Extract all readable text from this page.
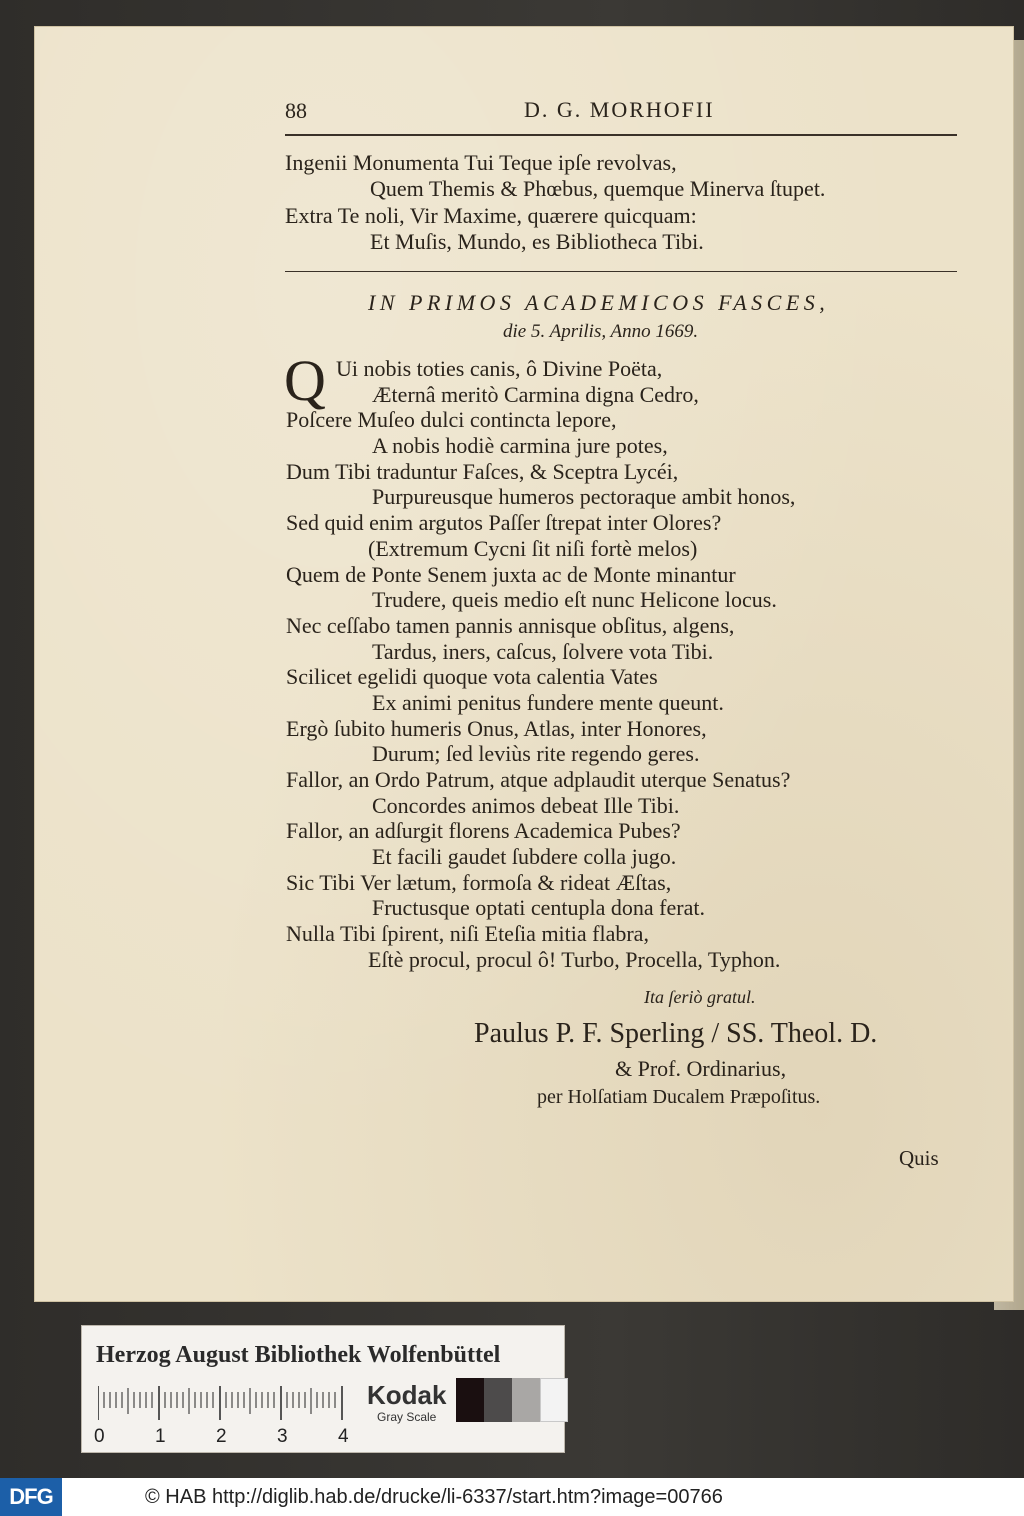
88	D. G. MORHOFII
Ingenii Monumenta Tui Teque ipſe revolvas,
Quem Themis & Phœbus, quemque Minerva ſtupet.
Extra Te noli, Vir Maxime, quærere quicquam:
Et Muſis, Mundo, es Bibliotheca Tibi.
IN PRIMOS ACADEMICOS FASCES,
die 5. Aprilis, Anno 1669.
Q Ui nobis toties canis, ô Divine Poëta,
Æternâ meritò Carmina digna Cedro,
Poſcere Muſeo dulci contincta lepore,
A nobis hodiè carmina jure potes,
Dum Tibi traduntur Faſces, & Sceptra Lycéi,
Purpureusque humeros pectoraque ambit honos,
Sed quid enim argutos Paſſer ſtrepat inter Olores?
(Extremum Cycni ſit niſi fortè melos)
Quem de Ponte Senem juxta ac de Monte minantur
Trudere, queis medio eſt nunc Helicone locus.
Nec ceſſabo tamen pannis annisque obſitus, algens,
Tardus, iners, caſcus, ſolvere vota Tibi.
Scilicet egelidi quoque vota calentia Vates
Ex animi penitus fundere mente queunt.
Ergò ſubito humeris Onus, Atlas, inter Honores,
Durum; ſed leviùs rite regendo geres.
Fallor, an Ordo Patrum, atque adplaudit uterque Senatus?
Concordes animos debeat Ille Tibi.
Fallor, an adſurgit florens Academica Pubes?
Et facili gaudet ſubdere colla jugo.
Sic Tibi Ver lætum, formoſa & rideat Æſtas,
Fructusque optati centupla dona ferat.
Nulla Tibi ſpirent, niſi Eteſia mitia flabra,
Eſtè procul, procul ô! Turbo, Procella, Typhon.
Ita ſeriò gratul.
Paulus P. F. Sperling / SS. Theol. D.
& Prof. Ordinarius,
per Holſatiam Ducalem Præpoſitus.
Quis
Herzog August Bibliothek Wolfenbüttel
0	1	2	3	4
Kodak
Gray Scale
DFG	© HAB http://diglib.hab.de/drucke/li-6337/start.htm?image=00766
